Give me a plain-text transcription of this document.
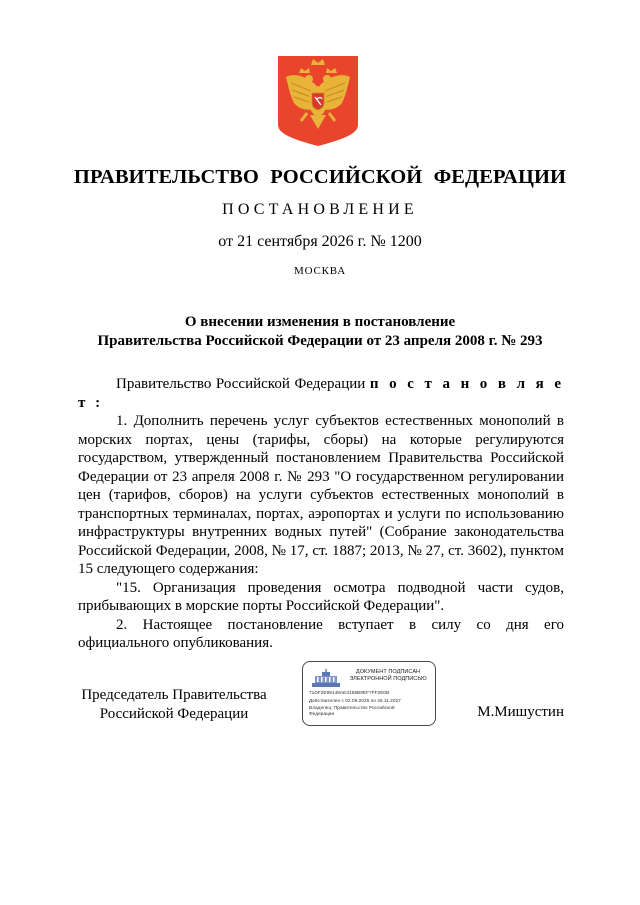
ПРАВИТЕЛЬСТВО РОССИЙСКОЙ ФЕДЕРАЦИИ
ПОСТАНОВЛЕНИЕ
от 21 сентября 2026 г. № 1200
МОСКВА
О внесении изменения в постановление
Правительства Российской Федерации от 23 апреля 2008 г. № 293

Правительство Российской Федерации п о с т а н о в л я е т :

1. Дополнить перечень услуг субъектов естественных монополий в морских портах, цены (тарифы, сборы) на которые регулируются государством, утвержденный постановлением Правительства Российской Федерации от 23 апреля 2008 г. № 293 "О государственном регулировании цен (тарифов, сборов) на услуги субъектов естественных монополий в транспортных терминалах, портах, аэропортах и услуги по использованию инфраструктуры внутренних водных путей" (Собрание законодательства Российской Федерации, 2008, № 17, ст. 1887; 2013, № 27, ст. 3602), пунктом 15 следующего содержания:

"15. Организация проведения осмотра подводной части судов, прибывающих в морские порты Российской Федерации".

2. Настоящее постановление вступает в силу со дня его официального опубликования.

ДОКУМЕНТ ПОДПИСАН
ЭЛЕКТРОННОЙ ПОДПИСЬЮ
71DF2E99148AE3159B8EF7FF2E0B
Действителен с 02.09.2026 по 26.11.2027
Владелец: Правительство Российской Федерации
Председатель Правительства
Российской Федерации	М.Мишустин
